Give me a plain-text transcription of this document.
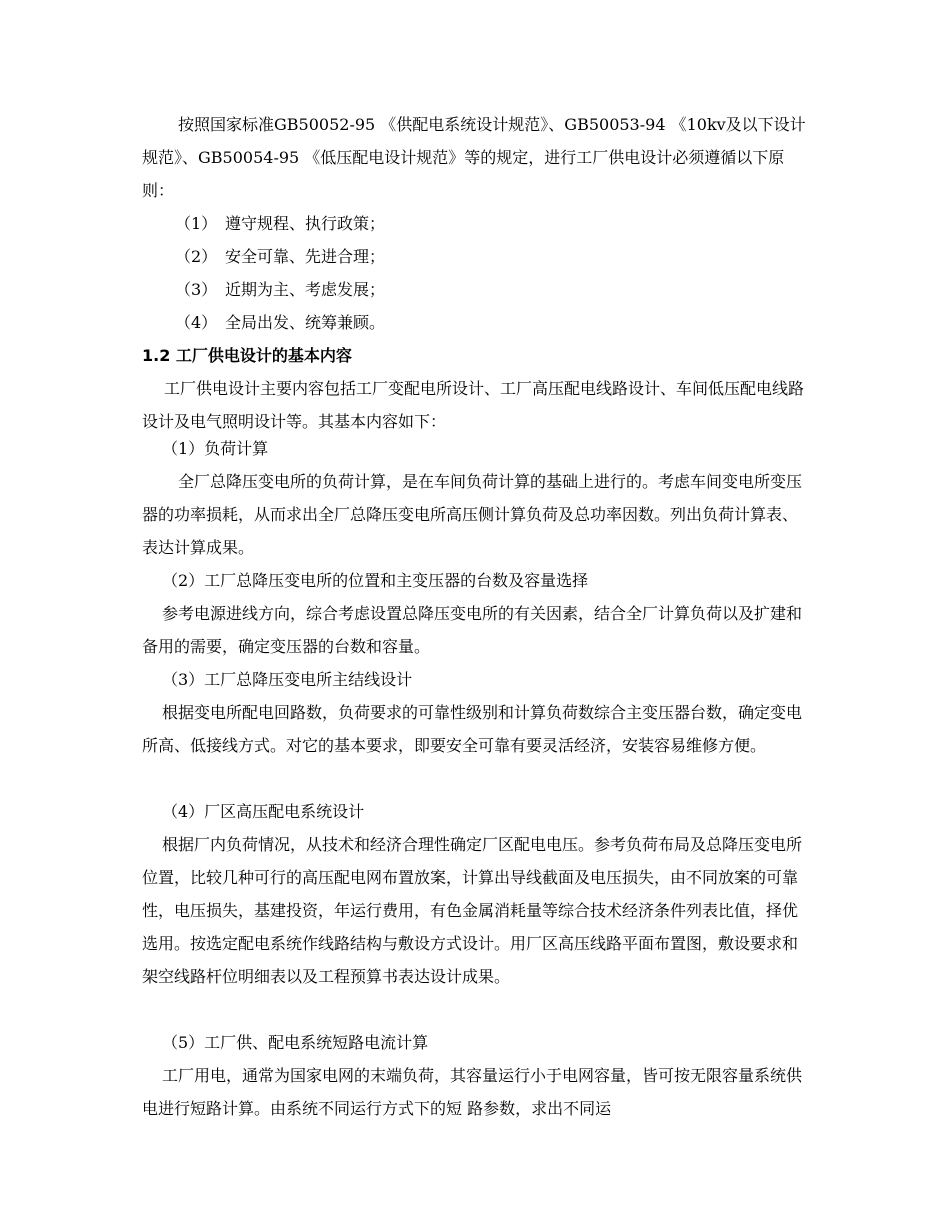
按照国家标准GB50052-95 《供配电系统设计规范》、GB50053-94 《10kv及以下设计规范》、GB50054-95 《低压配电设计规范》等的规定，进行工厂供电设计必须遵循以下原则：

（1） 遵守规程、执行政策；

（2） 安全可靠、先进合理；

（3） 近期为主、考虑发展；

（4） 全局出发、统筹兼顾。

1.2 工厂供电设计的基本内容

工厂供电设计主要内容包括工厂变配电所设计、工厂高压配电线路设计、车间低压配电线路设计及电气照明设计等。其基本内容如下：

（1）负荷计算

全厂总降压变电所的负荷计算，是在车间负荷计算的基础上进行的。考虑车间变电所变压器的功率损耗，从而求出全厂总降压变电所高压侧计算负荷及总功率因数。列出负荷计算表、表达计算成果。

（2）工厂总降压变电所的位置和主变压器的台数及容量选择

参考电源进线方向，综合考虑设置总降压变电所的有关因素，结合全厂计算负荷以及扩建和备用的需要，确定变压器的台数和容量。

（3）工厂总降压变电所主结线设计

根据变电所配电回路数，负荷要求的可靠性级别和计算负荷数综合主变压器台数，确定变电所高、低接线方式。对它的基本要求，即要安全可靠有要灵活经济，安装容易维修方便。

（4）厂区高压配电系统设计

根据厂内负荷情况，从技术和经济合理性确定厂区配电电压。参考负荷布局及总降压变电所位置，比较几种可行的高压配电网布置放案，计算出导线截面及电压损失，由不同放案的可靠性，电压损失，基建投资，年运行费用，有色金属消耗量等综合技术经济条件列表比值，择优选用。按选定配电系统作线路结构与敷设方式设计。用厂区高压线路平面布置图，敷设要求和架空线路杆位明细表以及工程预算书表达设计成果。

（5）工厂供、配电系统短路电流计算

工厂用电，通常为国家电网的末端负荷，其容量运行小于电网容量，皆可按无限容量系统供电进行短路计算。由系统不同运行方式下的短 路参数，求出不同运
